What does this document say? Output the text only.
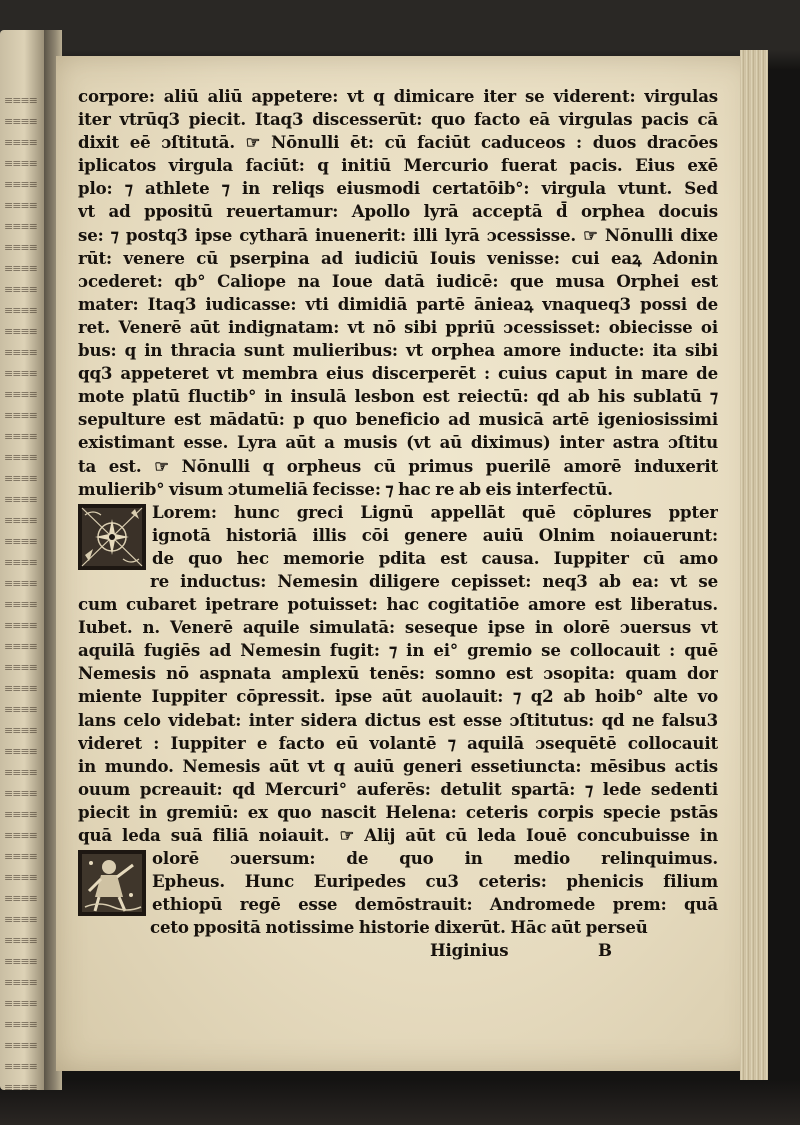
≡≡≡≡
≡≡≡≡
≡≡≡≡
≡≡≡≡
≡≡≡≡
≡≡≡≡
≡≡≡≡
≡≡≡≡
≡≡≡≡
≡≡≡≡
≡≡≡≡
≡≡≡≡
≡≡≡≡
≡≡≡≡
≡≡≡≡
≡≡≡≡
≡≡≡≡
≡≡≡≡
≡≡≡≡
≡≡≡≡
≡≡≡≡
≡≡≡≡
≡≡≡≡
≡≡≡≡
≡≡≡≡
≡≡≡≡
≡≡≡≡
≡≡≡≡
≡≡≡≡
≡≡≡≡
≡≡≡≡
≡≡≡≡
≡≡≡≡
≡≡≡≡
≡≡≡≡
≡≡≡≡
≡≡≡≡
≡≡≡≡
≡≡≡≡
≡≡≡≡
≡≡≡≡
≡≡≡≡
≡≡≡≡
≡≡≡≡
≡≡≡≡
≡≡≡≡
≡≡≡≡
≡≡≡≡
corpore: aliū aliū appetere: vt q dimicare iter se viderent: virgulas
iter vtrūq3 piecit. Itaq3 discesserūt: quo facto eā virgulas pacis cā
dixit eē ɔſtitutā. ☞ Nōnulli ēt: cū faciūt caduceos : duos dracōes
iplicatos virgula faciūt: q initiū Mercurio fuerat pacis. Eius exē
plo: ⁊ athlete ⁊ in reliqs eiusmodi certatōib°: virgula vtunt. Sed
vt ad ppositū reuertamur: Apollo lyrā acceptā d̄ orphea docuis
se: ⁊ postq3 ipse cytharā inuenerit: illi lyrā ɔcessisse. ☞ Nōnulli dixe
rūt: venere cū pserpina ad iudiciū Iouis venisse: cui eaꝝ Adonin
ɔcederet: qb° Caliope na Ioue datā iudicē: que musa Orphei est
mater: Itaq3 iudicasse: vti dimidiā partē ānieaꝝ vnaqueq3 possi de
ret. Venerē aūt indignatam: vt nō sibi ppriū ɔcessisset: obiecisse oi
bus: q in thracia sunt mulieribus: vt orphea amore inducte: ita sibi
qq3 appeteret vt membra eius discerperēt : cuius caput in mare de
mote platū fluctib° in insulā lesbon est reiectū: qd ab his sublatū ⁊
sepulture est mādatū: p quo beneficio ad musicā artē igeniosissimi
existimant esse. Lyra aūt a musis (vt aū diximus) inter astra ɔſtitu
ta est. ☞ Nōnulli q orpheus cū primus puerilē amorē induxerit
mulierib° visum ɔtumeliā fecisse: ⁊ hac re ab eis interfectū.
Lorem: hunc greci Lignū appellāt quē cōplures ppter
ignotā historiā illis cōi genere auiū Olnim noiauerunt:
de quo hec memorie pdita est causa. Iuppiter cū amo
re inductus: Nemesin diligere cepisset: neq3 ab ea: vt se
cum cubaret ipetrare potuisset: hac cogitatiōe amore est liberatus.
Iubet. n. Venerē aquile simulatā: seseque ipse in olorē ɔuersus vt
aquilā fugiēs ad Nemesin fugit: ⁊ in ei° gremio se collocauit : quē
Nemesis nō aspnata amplexū tenēs: somno est ɔsopita: quam dor
miente Iuppiter cōpressit. ipse aūt auolauit: ⁊ q2 ab hoib° alte vo
lans celo videbat: inter sidera dictus est esse ɔſtitutus: qd ne falsu3
videret : Iuppiter e facto eū volantē ⁊ aquilā ɔsequētē collocauit
in mundo. Nemesis aūt vt q auiū generi essetiuncta: mēsibus actis
ouum pcreauit: qd Mercuri° auferēs: detulit spartā: ⁊ lede sedenti
piecit in gremiū: ex quo nascit Helena: ceteris corpis specie pstās
quā leda suā filiā noiauit. ☞ Alij aūt cū leda Iouē concubuisse in
olorē ɔuersum: de quo in medio relinquimus.
Epheus. Hunc Euripedes cu3 ceteris: phenicis filium
ethiopū regē esse demōstrauit: Andromede prem: quā
ceto ppositā notissime historie dixerūt. Hāc aūt perseū
Higinius	B
